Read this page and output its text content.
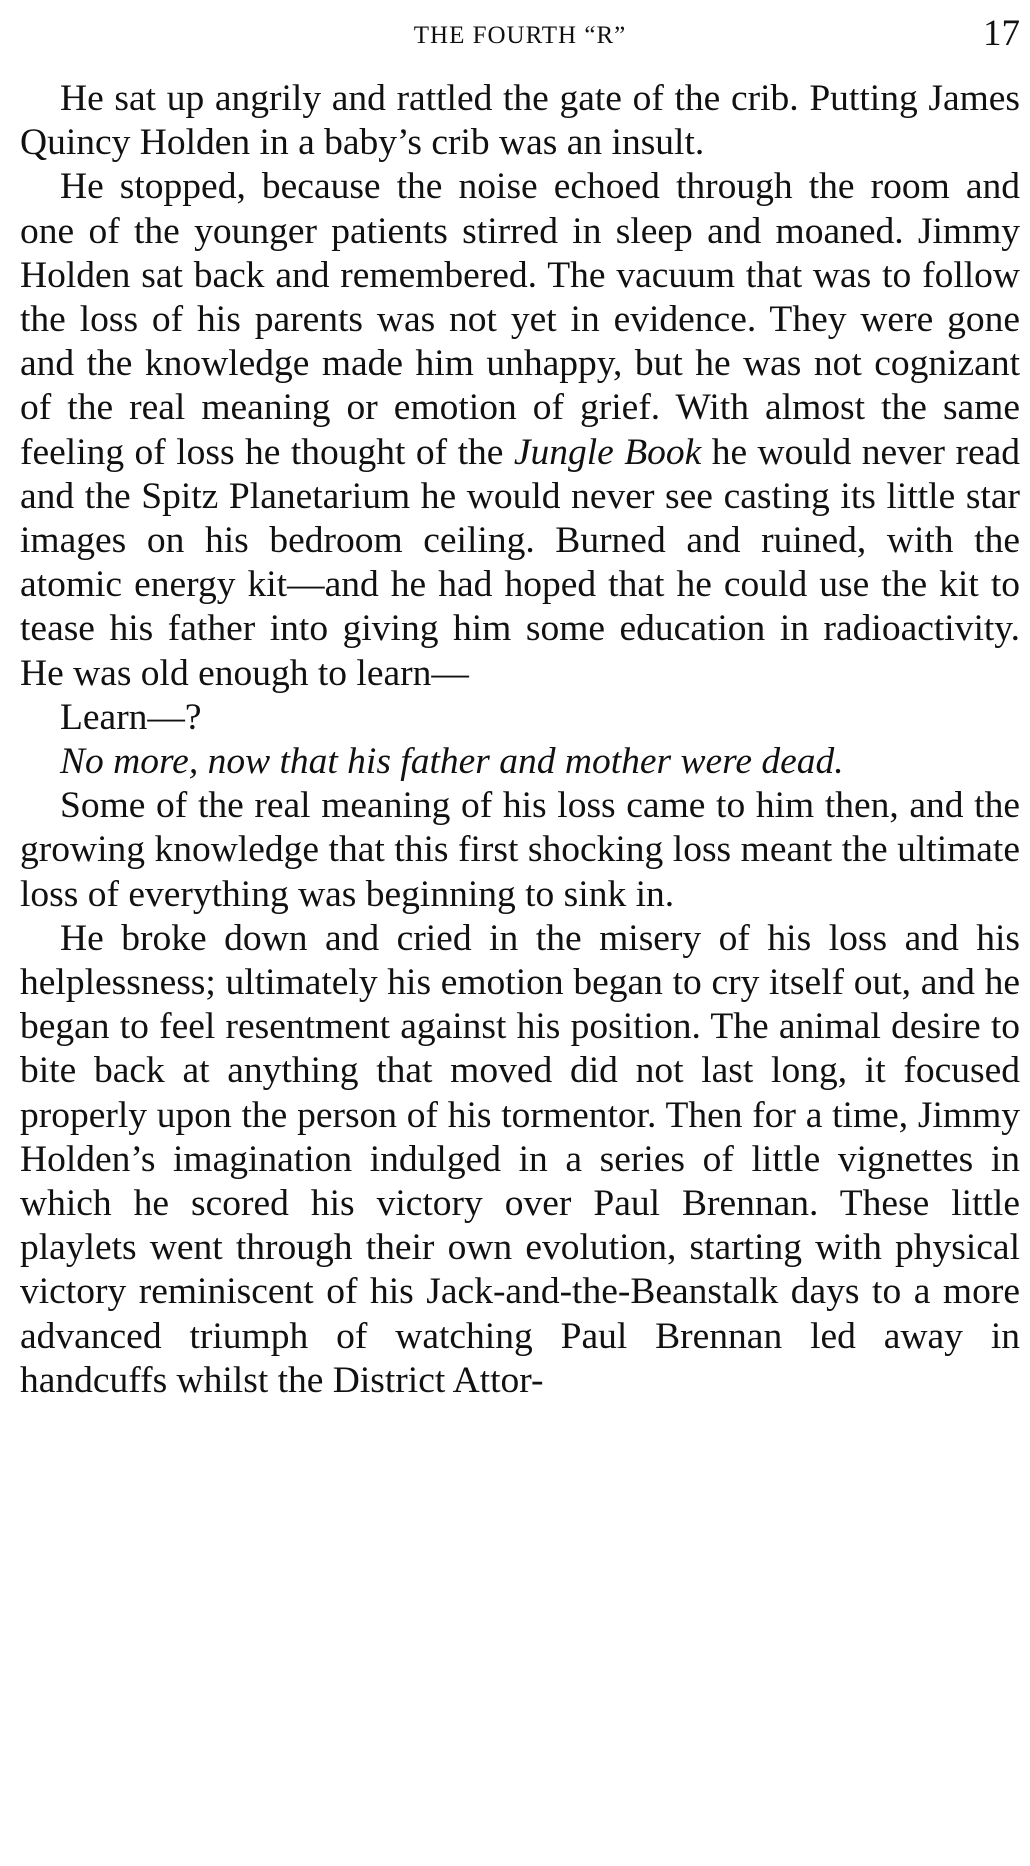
THE FOURTH “R”	17

He sat up angrily and rattled the gate of the crib. Putting James Quincy Holden in a baby’s crib was an insult.

He stopped, because the noise echoed through the room and one of the younger patients stirred in sleep and moaned. Jimmy Holden sat back and remembered. The vacuum that was to follow the loss of his parents was not yet in evidence. They were gone and the knowledge made him unhappy, but he was not cognizant of the real meaning or emotion of grief. With almost the same feeling of loss he thought of the Jungle Book he would never read and the Spitz Planetarium he would never see casting its little star images on his bedroom ceiling. Burned and ruined, with the atomic energy kit—and he had hoped that he could use the kit to tease his father into giving him some education in radioactivity. He was old enough to learn—

Learn—?

No more, now that his father and mother were dead.

Some of the real meaning of his loss came to him then, and the growing knowledge that this first shocking loss meant the ultimate loss of everything was beginning to sink in.

He broke down and cried in the misery of his loss and his helplessness; ultimately his emotion began to cry itself out, and he began to feel resentment against his position. The animal desire to bite back at anything that moved did not last long, it focused properly upon the person of his tormentor. Then for a time, Jimmy Holden’s imagination indulged in a series of little vignettes in which he scored his victory over Paul Brennan. These little playlets went through their own evolution, starting with physical victory reminiscent of his Jack-and-the-Beanstalk days to a more advanced triumph of watching Paul Brennan led away in handcuffs whilst the District Attor-
